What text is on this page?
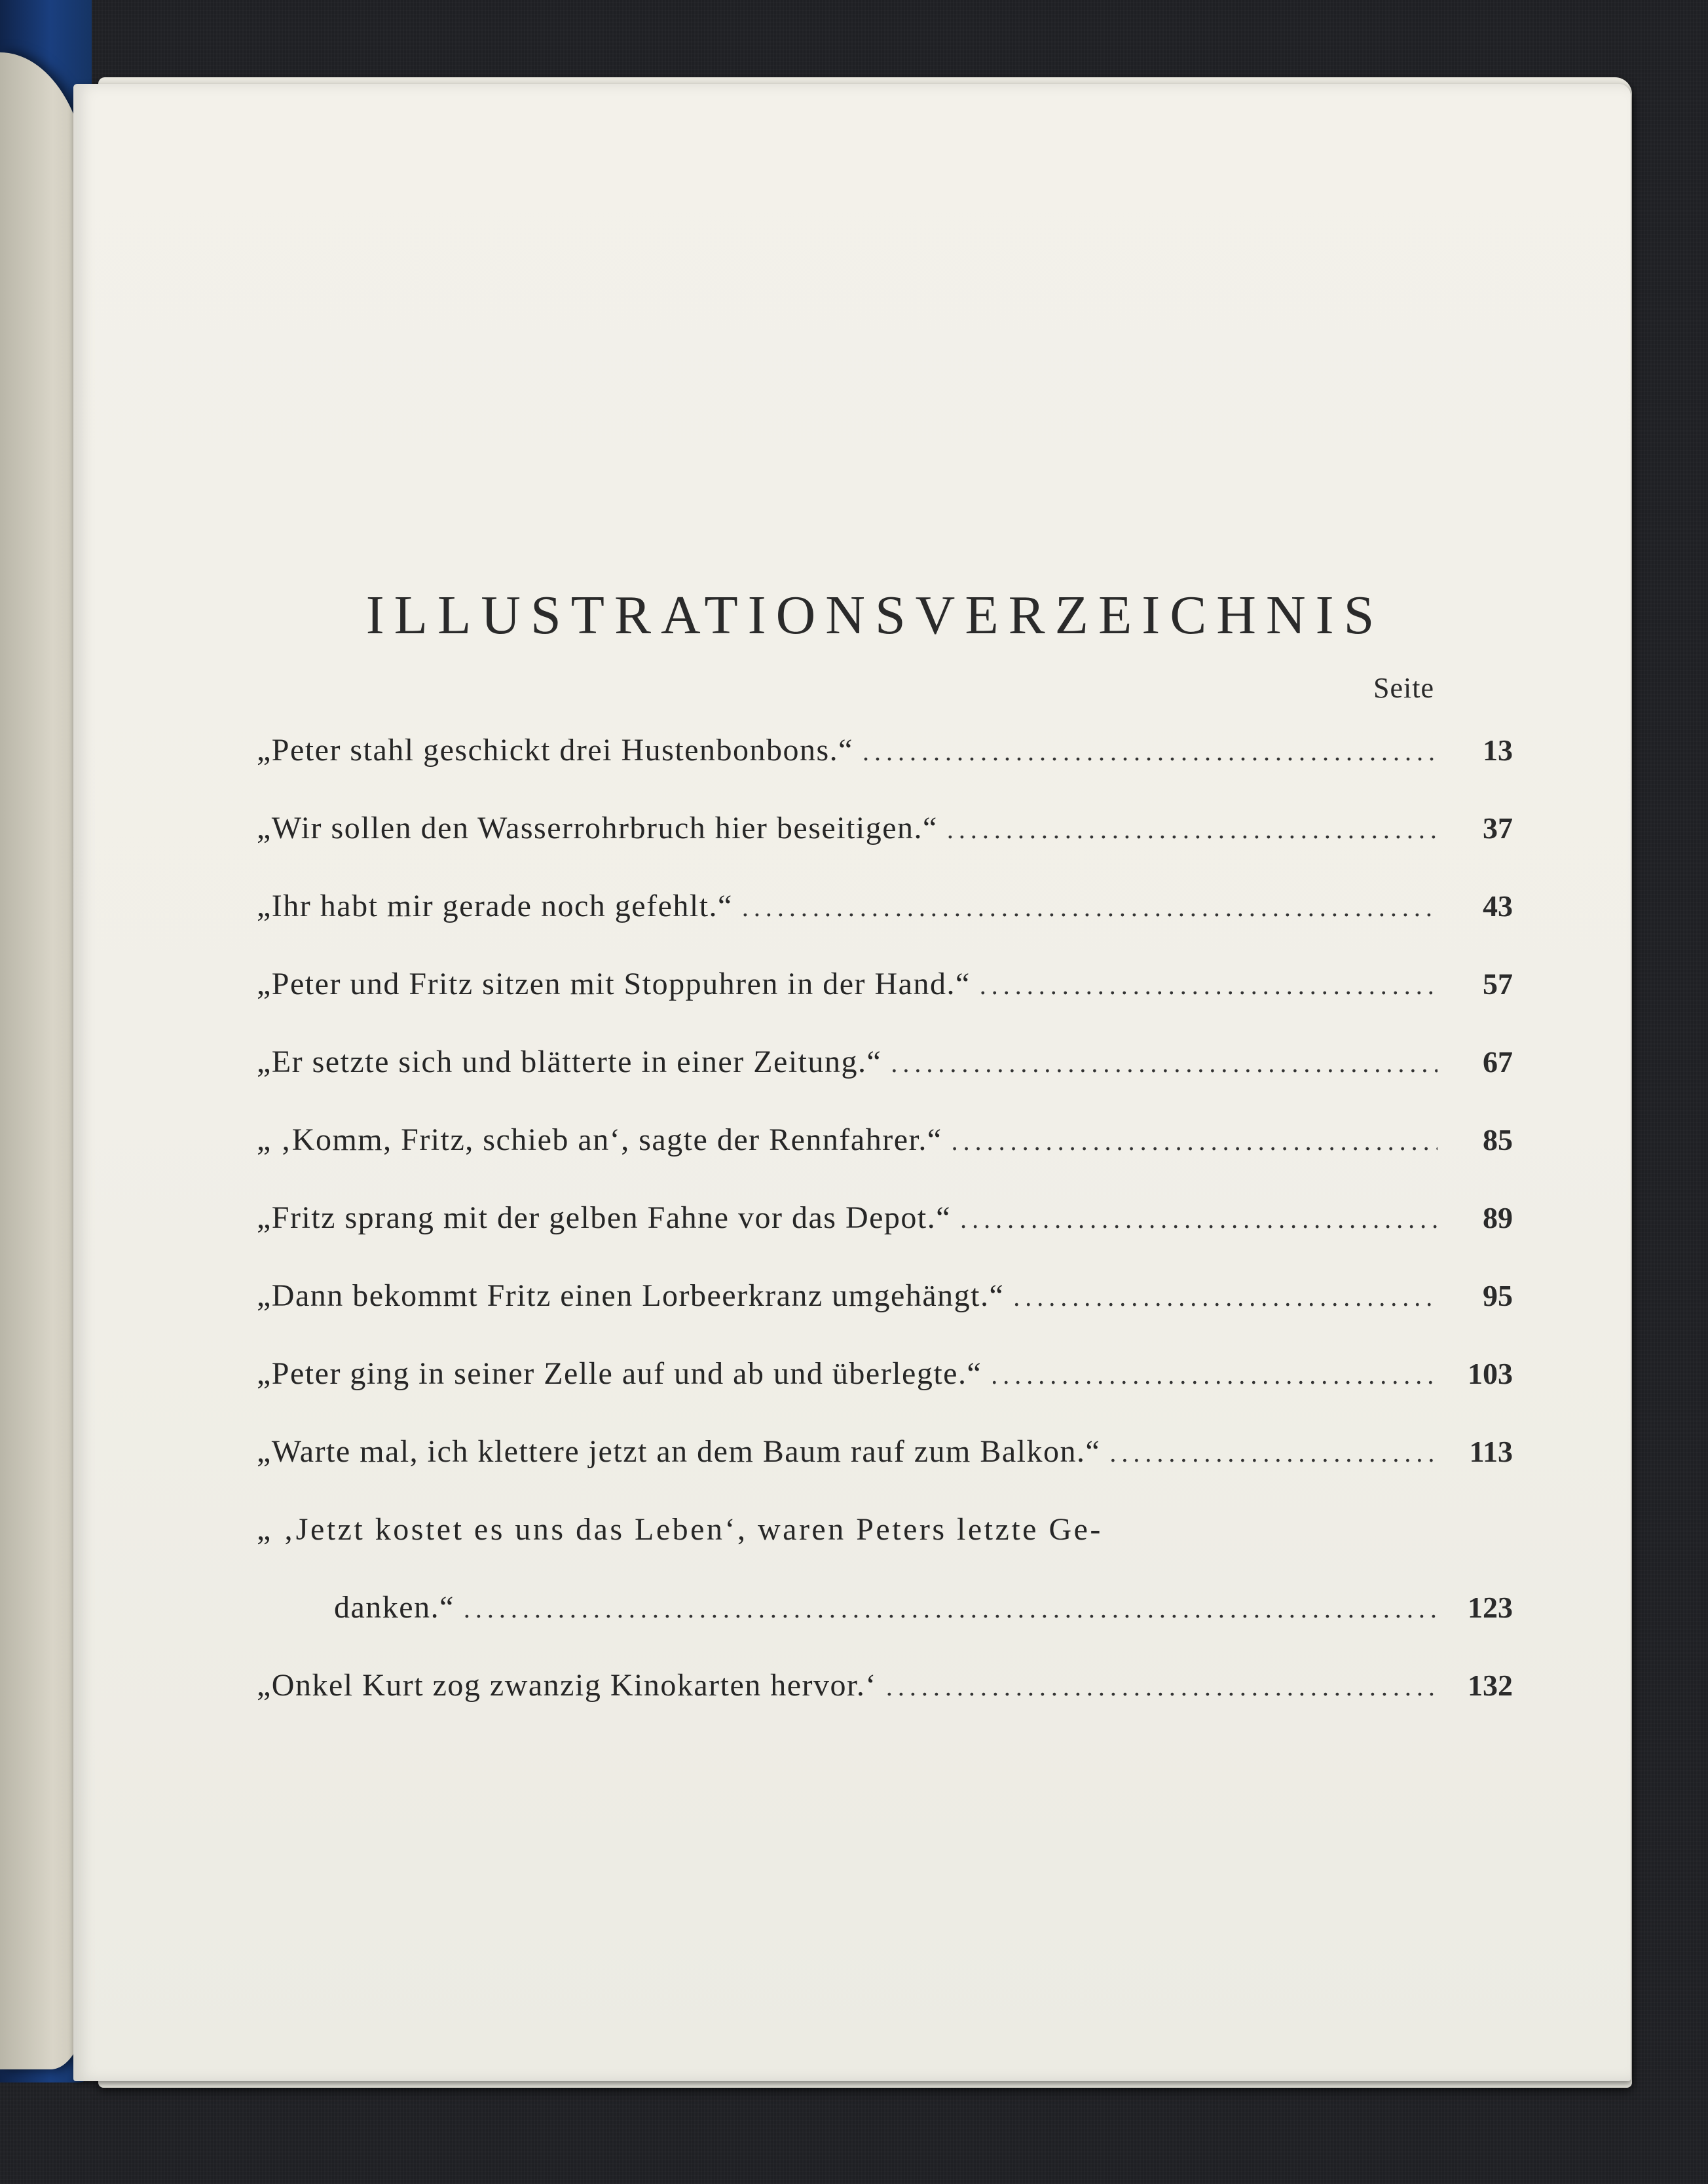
ILLUSTRATIONSVERZEICHNIS
Seite
„Peter stahl geschickt drei Hustenbonbons.“ .....	13
„Wir sollen den Wasserrohrbruch hier beseitigen.“ .....	37
„Ihr habt mir gerade noch gefehlt.“ .....	43
„Peter und Fritz sitzen mit Stoppuhren in der Hand.“ .....	57
„Er setzte sich und blätterte in einer Zeitung.“ .....	67
„ ‚Komm, Fritz, schieb an‘, sagte der Rennfahrer.“ .....	85
„Fritz sprang mit der gelben Fahne vor das Depot.“ .....	89
„Dann bekommt Fritz einen Lorbeerkranz umgehängt.“ .....	95
„Peter ging in seiner Zelle auf und ab und überlegte.“ .....	103
„Warte mal, ich klettere jetzt an dem Baum rauf zum Balkon.“ .....	113
„ ‚Jetzt kostet es uns das Leben‘, waren Peters letzte Ge-
danken.“ .....	123
„Onkel Kurt zog zwanzig Kinokarten hervor.‘ .....	132
